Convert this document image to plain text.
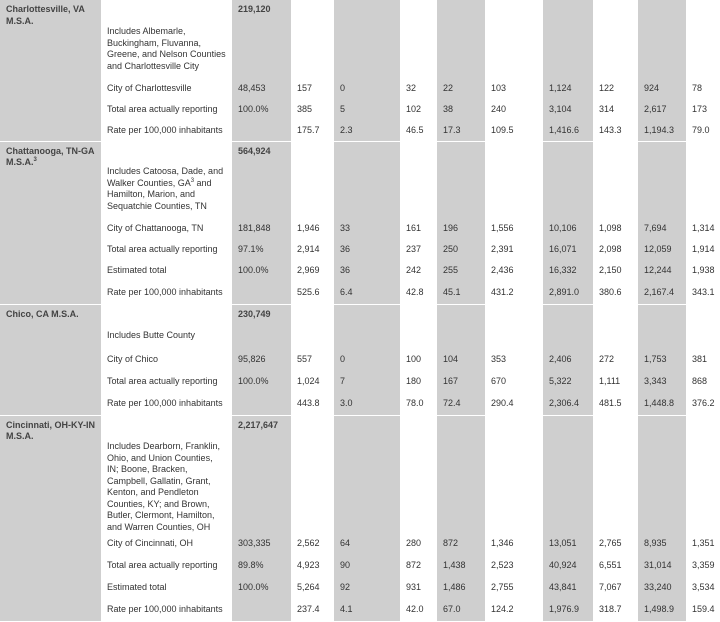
Charlottesville, VA M.S.A.		219,120									
	Includes Albemarle, Buckingham, Fluvanna, Greene, and Nelson Counties and Charlottesville City										
	City of Charlottesville	48,453	157	0	32	22	103	1,124	122	924	78
	Total area actually reporting	100.0%	385	5	102	38	240	3,104	314	2,617	173
	Rate per 100,000 inhabitants		175.7	2.3	46.5	17.3	109.5	1,416.6	143.3	1,194.3	79.0
Chattanooga, TN-GA M.S.A.$^3$		564,924									
	Includes Catoosa, Dade, and Walker Counties, $GA^3$ and Hamilton, Marion, and Sequatchie Counties, TN										
	City of Chattanooga, TN	181,848	1,946	33	161	196	1,556	10,106	1,098	7,694	1,314
	Total area actually reporting	97.1%	2,914	36	237	250	2,391	16,071	2,098	12,059	1,914
	Estimated total	100.0%	2,969	36	242	255	2,436	16,332	2,150	12,244	1,938
	Rate per 100,000 inhabitants		525.6	6.4	42.8	45.1	431.2	2,891.0	380.6	2,167.4	343.1
Chico, CA M.S.A.		230,749									
	Includes Butte County										
	City of Chico	95,826	557	0	100	104	353	2,406	272	1,753	381
	Total area actually reporting	100.0%	1,024	7	180	167	670	5,322	1,111	3,343	868
	Rate per 100,000 inhabitants		443.8	3.0	78.0	72.4	290.4	2,306.4	481.5	1,448.8	376.2
Cincinnati, OH-KY-IN M.S.A.		2,217,647									
	Includes Dearborn, Franklin, Ohio, and Union Counties, IN; Boone, Bracken, Campbell, Gallatin, Grant, Kenton, and Pendleton Counties, KY; and Brown, Butler, Clermont, Hamilton, and Warren Counties, OH										
	City of Cincinnati, OH	303,335	2,562	64	280	872	1,346	13,051	2,765	8,935	1,351
	Total area actually reporting	89.8%	4,923	90	872	1,438	2,523	40,924	6,551	31,014	3,359
	Estimated total	100.0%	5,264	92	931	1,486	2,755	43,841	7,067	33,240	3,534
	Rate per 100,000 inhabitants		237.4	4.1	42.0	67.0	124.2	1,976.9	318.7	1,498.9	159.4
